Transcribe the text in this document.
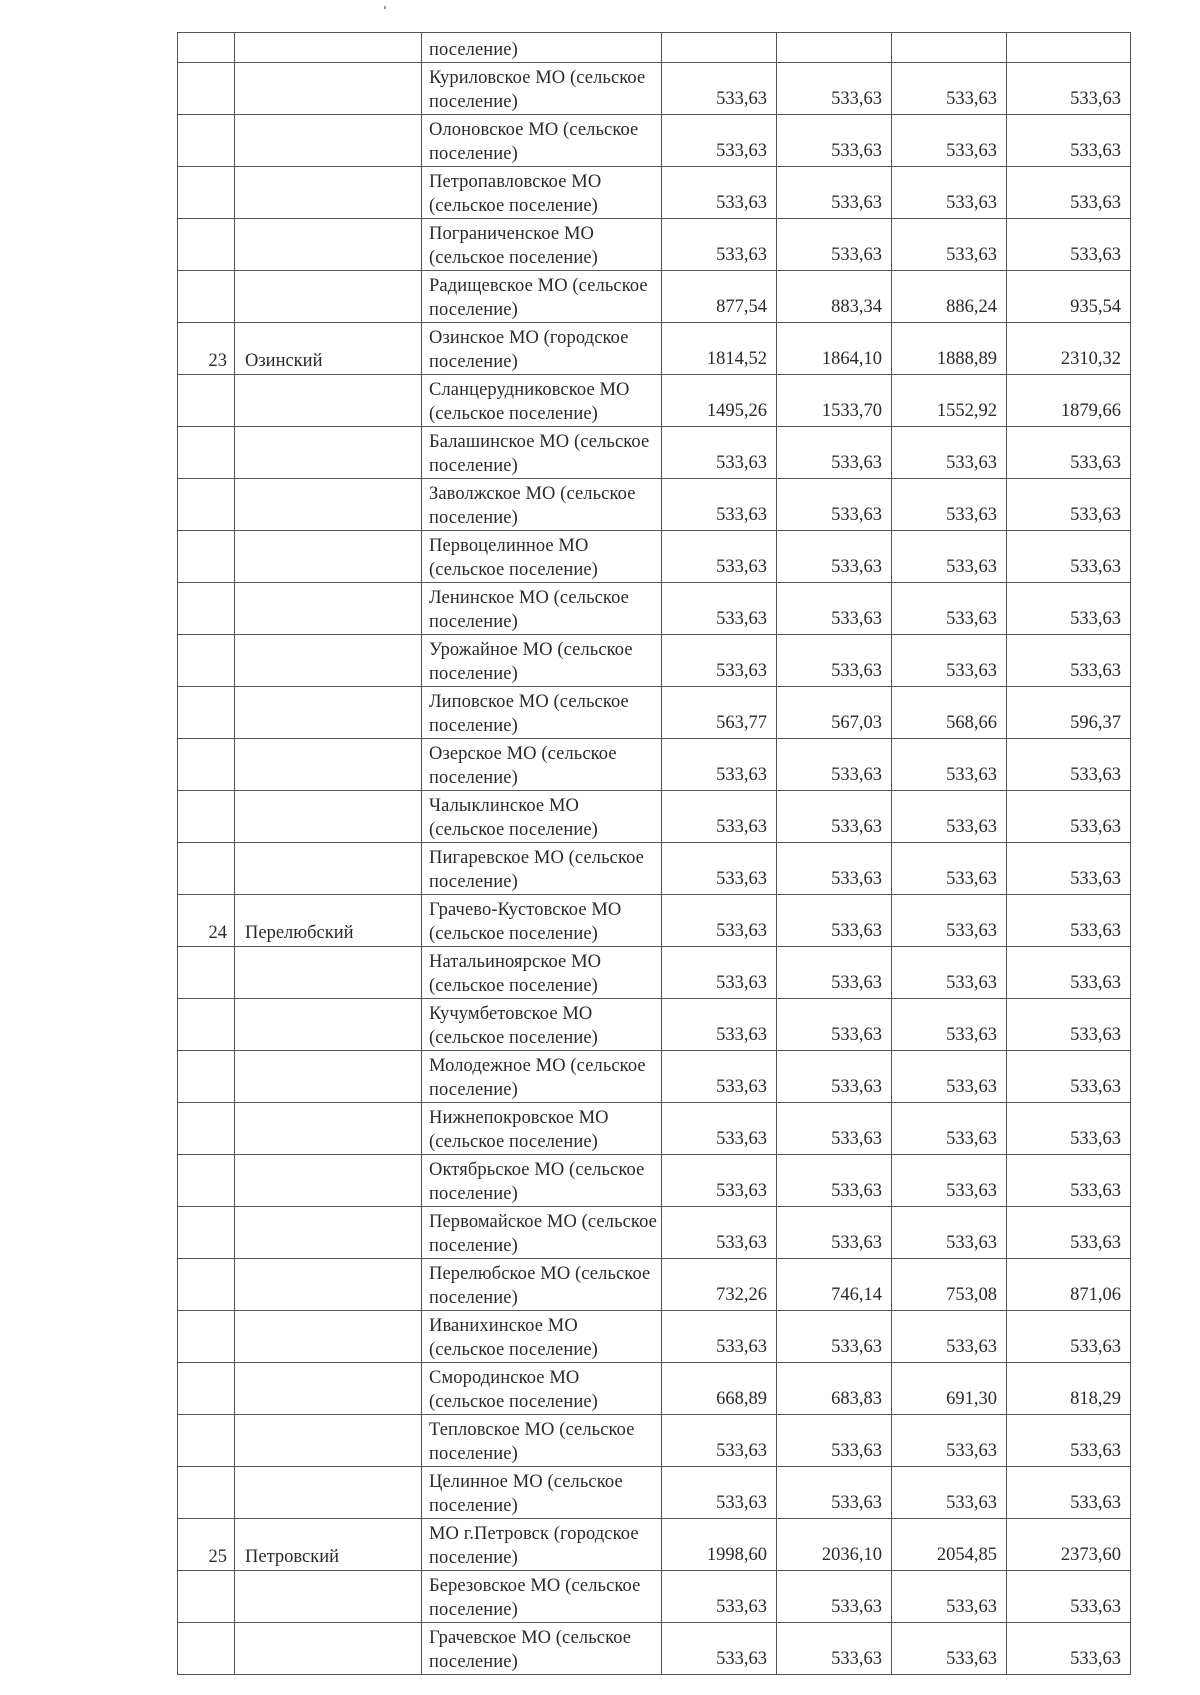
		поселение)				
		Куриловское МО (сельское поселение)	533,63	533,63	533,63	533,63
		Олоновское МО (сельское поселение)	533,63	533,63	533,63	533,63
		Петропавловское МО (сельское поселение)	533,63	533,63	533,63	533,63
		Пограниченское МО (сельское поселение)	533,63	533,63	533,63	533,63
		Радищевское МО (сельское поселение)	877,54	883,34	886,24	935,54
23	Озинский	Озинское МО (городское поселение)	1814,52	1864,10	1888,89	2310,32
		Сланцерудниковское МО (сельское поселение)	1495,26	1533,70	1552,92	1879,66
		Балашинское МО (сельское поселение)	533,63	533,63	533,63	533,63
		Заволжское МО (сельское поселение)	533,63	533,63	533,63	533,63
		Первоцелинное МО (сельское поселение)	533,63	533,63	533,63	533,63
		Ленинское МО (сельское поселение)	533,63	533,63	533,63	533,63
		Урожайное МО (сельское поселение)	533,63	533,63	533,63	533,63
		Липовское МО (сельское поселение)	563,77	567,03	568,66	596,37
		Озерское МО (сельское поселение)	533,63	533,63	533,63	533,63
		Чалыклинское МО (сельское поселение)	533,63	533,63	533,63	533,63
		Пигаревское МО (сельское поселение)	533,63	533,63	533,63	533,63
24	Перелюбский	Грачево-Кустовское МО (сельское поселение)	533,63	533,63	533,63	533,63
		Натальиноярское МО (сельское поселение)	533,63	533,63	533,63	533,63
		Кучумбетовское МО (сельское поселение)	533,63	533,63	533,63	533,63
		Молодежное МО (сельское поселение)	533,63	533,63	533,63	533,63
		Нижнепокровское МО (сельское поселение)	533,63	533,63	533,63	533,63
		Октябрьское МО (сельское поселение)	533,63	533,63	533,63	533,63
		Первомайское МО (сельское поселение)	533,63	533,63	533,63	533,63
		Перелюбское МО (сельское поселение)	732,26	746,14	753,08	871,06
		Иванихинское МО (сельское поселение)	533,63	533,63	533,63	533,63
		Смородинское МО (сельское поселение)	668,89	683,83	691,30	818,29
		Тепловское МО (сельское поселение)	533,63	533,63	533,63	533,63
		Целинное МО (сельское поселение)	533,63	533,63	533,63	533,63
25	Петровский	МО г.Петровск (городское поселение)	1998,60	2036,10	2054,85	2373,60
		Березовское МО (сельское поселение)	533,63	533,63	533,63	533,63
		Грачевское МО (сельское поселение)	533,63	533,63	533,63	533,63
